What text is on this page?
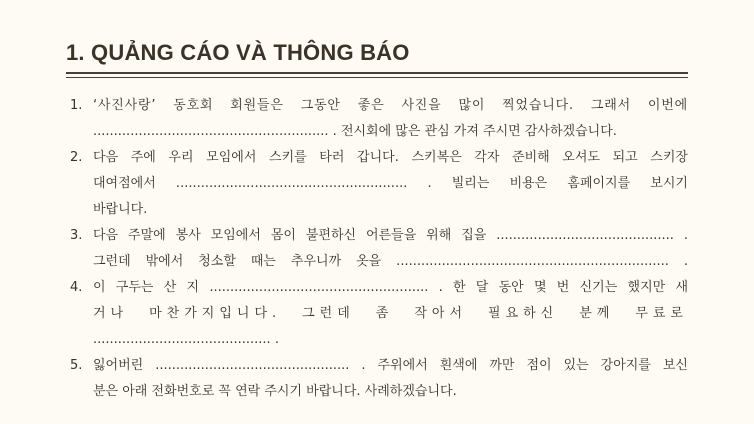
1. QUẢNG CÁO VÀ THÔNG BÁO
1. ‘사진사랑’ 동호회 회원들은 그동안 좋은 사진을 많이 찍었습니다. 그래서 이번에
......................................................... . 전시회에 많은 관심 가져 주시면 감사하겠습니다.
2. 다음 주에 우리 모임에서 스키를 타러 갑니다. 스키복은 각자 준비해 오셔도 되고 스키장
대여점에서 ........................................................ . 빌리는 비용은 홈페이지를 보시기
바랍니다.
3. 다음 주말에 봉사 모임에서 몸이 불편하신 어른들을 위해 집을 ........................................... .
그런데 밖에서 청소할 때는 추우니까 옷을 .................................................................. .
4. 이 구두는 산 지 ..................................................... . 한 달 동안 몇 번 신기는 했지만 새
거나 마찬가지입니다. 그런데 좀 작아서 필요하신 분께 무료로
........................................... .
5. 잃어버린 ............................................... . 주위에서 흰색에 까만 점이 있는 강아지를 보신
분은 아래 전화번호로 꼭 연락 주시기 바랍니다. 사례하겠습니다.
